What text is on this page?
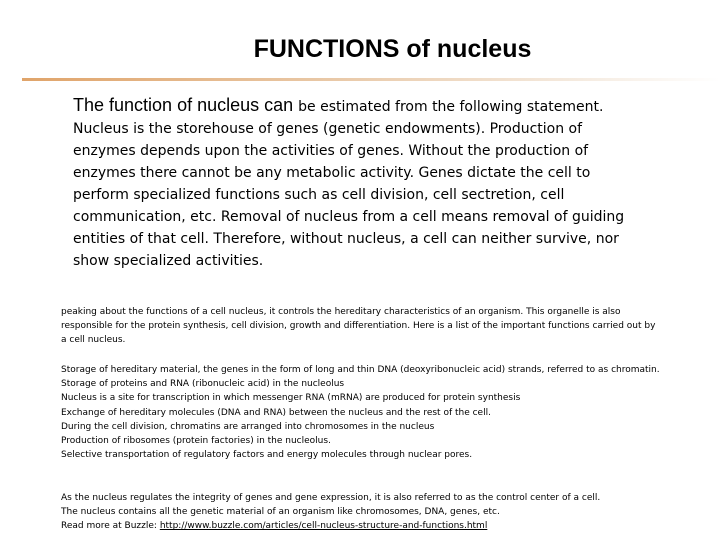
FUNCTIONS of nucleus
The function of nucleus can be estimated from the following statement. Nucleus is the storehouse of genes (genetic endowments). Production of enzymes depends upon the activities of genes. Without the production of enzymes there cannot be any metabolic activity. Genes dictate the cell to perform specialized functions such as cell division, cell sectretion, cell communication, etc. Removal of nucleus from a cell means removal of guiding entities of that cell. Therefore, without nucleus, a cell can neither survive, nor show specialized activities.

peaking about the functions of a cell nucleus, it controls the hereditary characteristics of an organism. This organelle is also responsible for the protein synthesis, cell division, growth and differentiation. Here is a list of the important functions carried out by a cell nucleus.

Storage of hereditary material, the genes in the form of long and thin DNA (deoxyribonucleic acid) strands, referred to as chromatin.

Storage of proteins and RNA (ribonucleic acid) in the nucleolus

Nucleus is a site for transcription in which messenger RNA (mRNA) are produced for protein synthesis

Exchange of hereditary molecules (DNA and RNA) between the nucleus and the rest of the cell.

During the cell division, chromatins are arranged into chromosomes in the nucleus

Production of ribosomes (protein factories) in the nucleolus.

Selective transportation of regulatory factors and energy molecules through nuclear pores.

As the nucleus regulates the integrity of genes and gene expression, it is also referred to as the control center of a cell.

The nucleus contains all the genetic material of an organism like chromosomes, DNA, genes, etc.

Read more at Buzzle: http://www.buzzle.com/articles/cell-nucleus-structure-and-functions.html
